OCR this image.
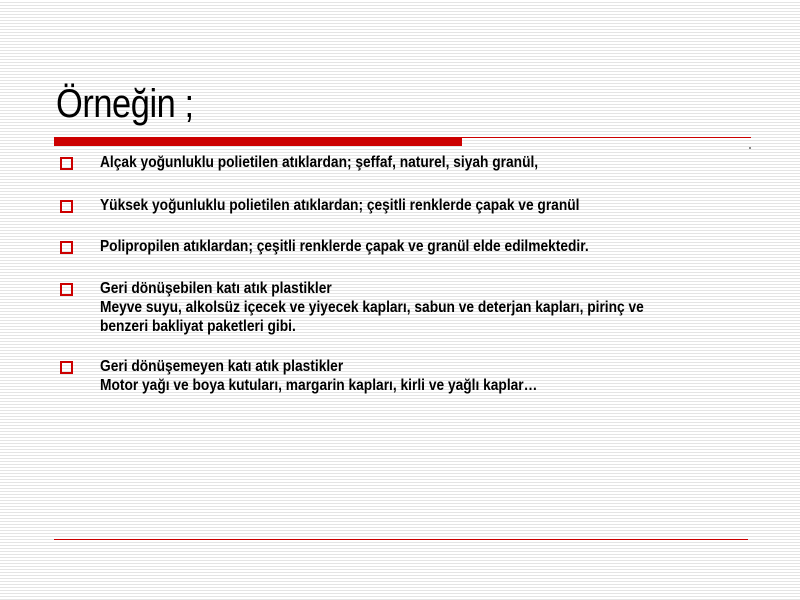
Örneğin ;
Alçak yoğunluklu polietilen atıklardan; şeffaf, naturel, siyah granül,
Yüksek yoğunluklu polietilen atıklardan; çeşitli renklerde çapak ve granül
Polipropilen atıklardan; çeşitli renklerde çapak ve granül elde edilmektedir.
Geri dönüşebilen katı atık plastikler
Meyve suyu, alkolsüz içecek ve yiyecek kapları, sabun ve deterjan kapları, pirinç ve
benzeri bakliyat paketleri gibi.
Geri dönüşemeyen katı atık plastikler
Motor yağı ve boya kutuları, margarin kapları, kirli ve yağlı kaplar…
